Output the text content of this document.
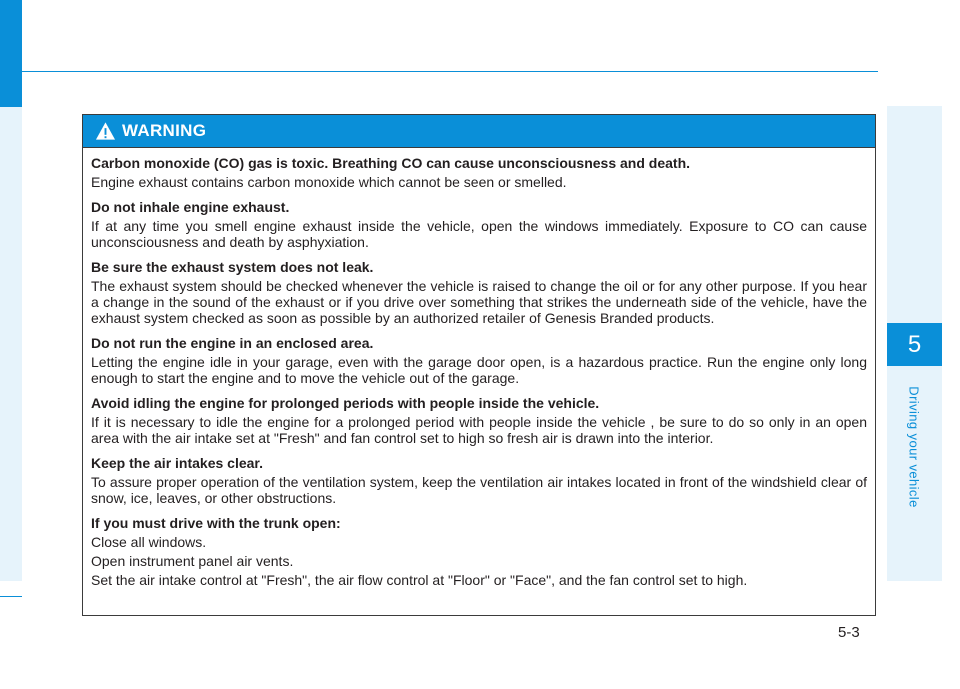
5
Driving your vehicle
WARNING

Carbon monoxide (CO) gas is toxic. Breathing CO can cause unconsciousness and death.

Engine exhaust contains carbon monoxide which cannot be seen or smelled.

Do not inhale engine exhaust.

If at any time you smell engine exhaust inside the vehicle, open the windows immediately. Exposure to CO can cause unconsciousness and death by asphyxiation.

Be sure the exhaust system does not leak.

The exhaust system should be checked whenever the vehicle is raised to change the oil or for any other purpose. If you hear a change in the sound of the exhaust or if you drive over something that strikes the underneath side of the vehicle, have the exhaust system checked as soon as possible by an authorized retailer of Genesis Branded products.

Do not run the engine in an enclosed area.

Letting the engine idle in your garage, even with the garage door open, is a hazardous practice. Run the engine only long enough to start the engine and to move the vehicle out of the garage.

Avoid idling the engine for prolonged periods with people inside the vehicle.

If it is necessary to idle the engine for a prolonged period with people inside the vehicle , be sure to do so only in an open area with the air intake set at "Fresh" and fan control set to high so fresh air is drawn into the interior.

Keep the air intakes clear.

To assure proper operation of the ventilation system, keep the ventilation air intakes located in front of the windshield clear of snow, ice, leaves, or other obstructions.

If you must drive with the trunk open:

Close all windows.

Open instrument panel air vents.

Set the air intake control at "Fresh", the air flow control at "Floor" or "Face", and the fan control set to high.

5-3
